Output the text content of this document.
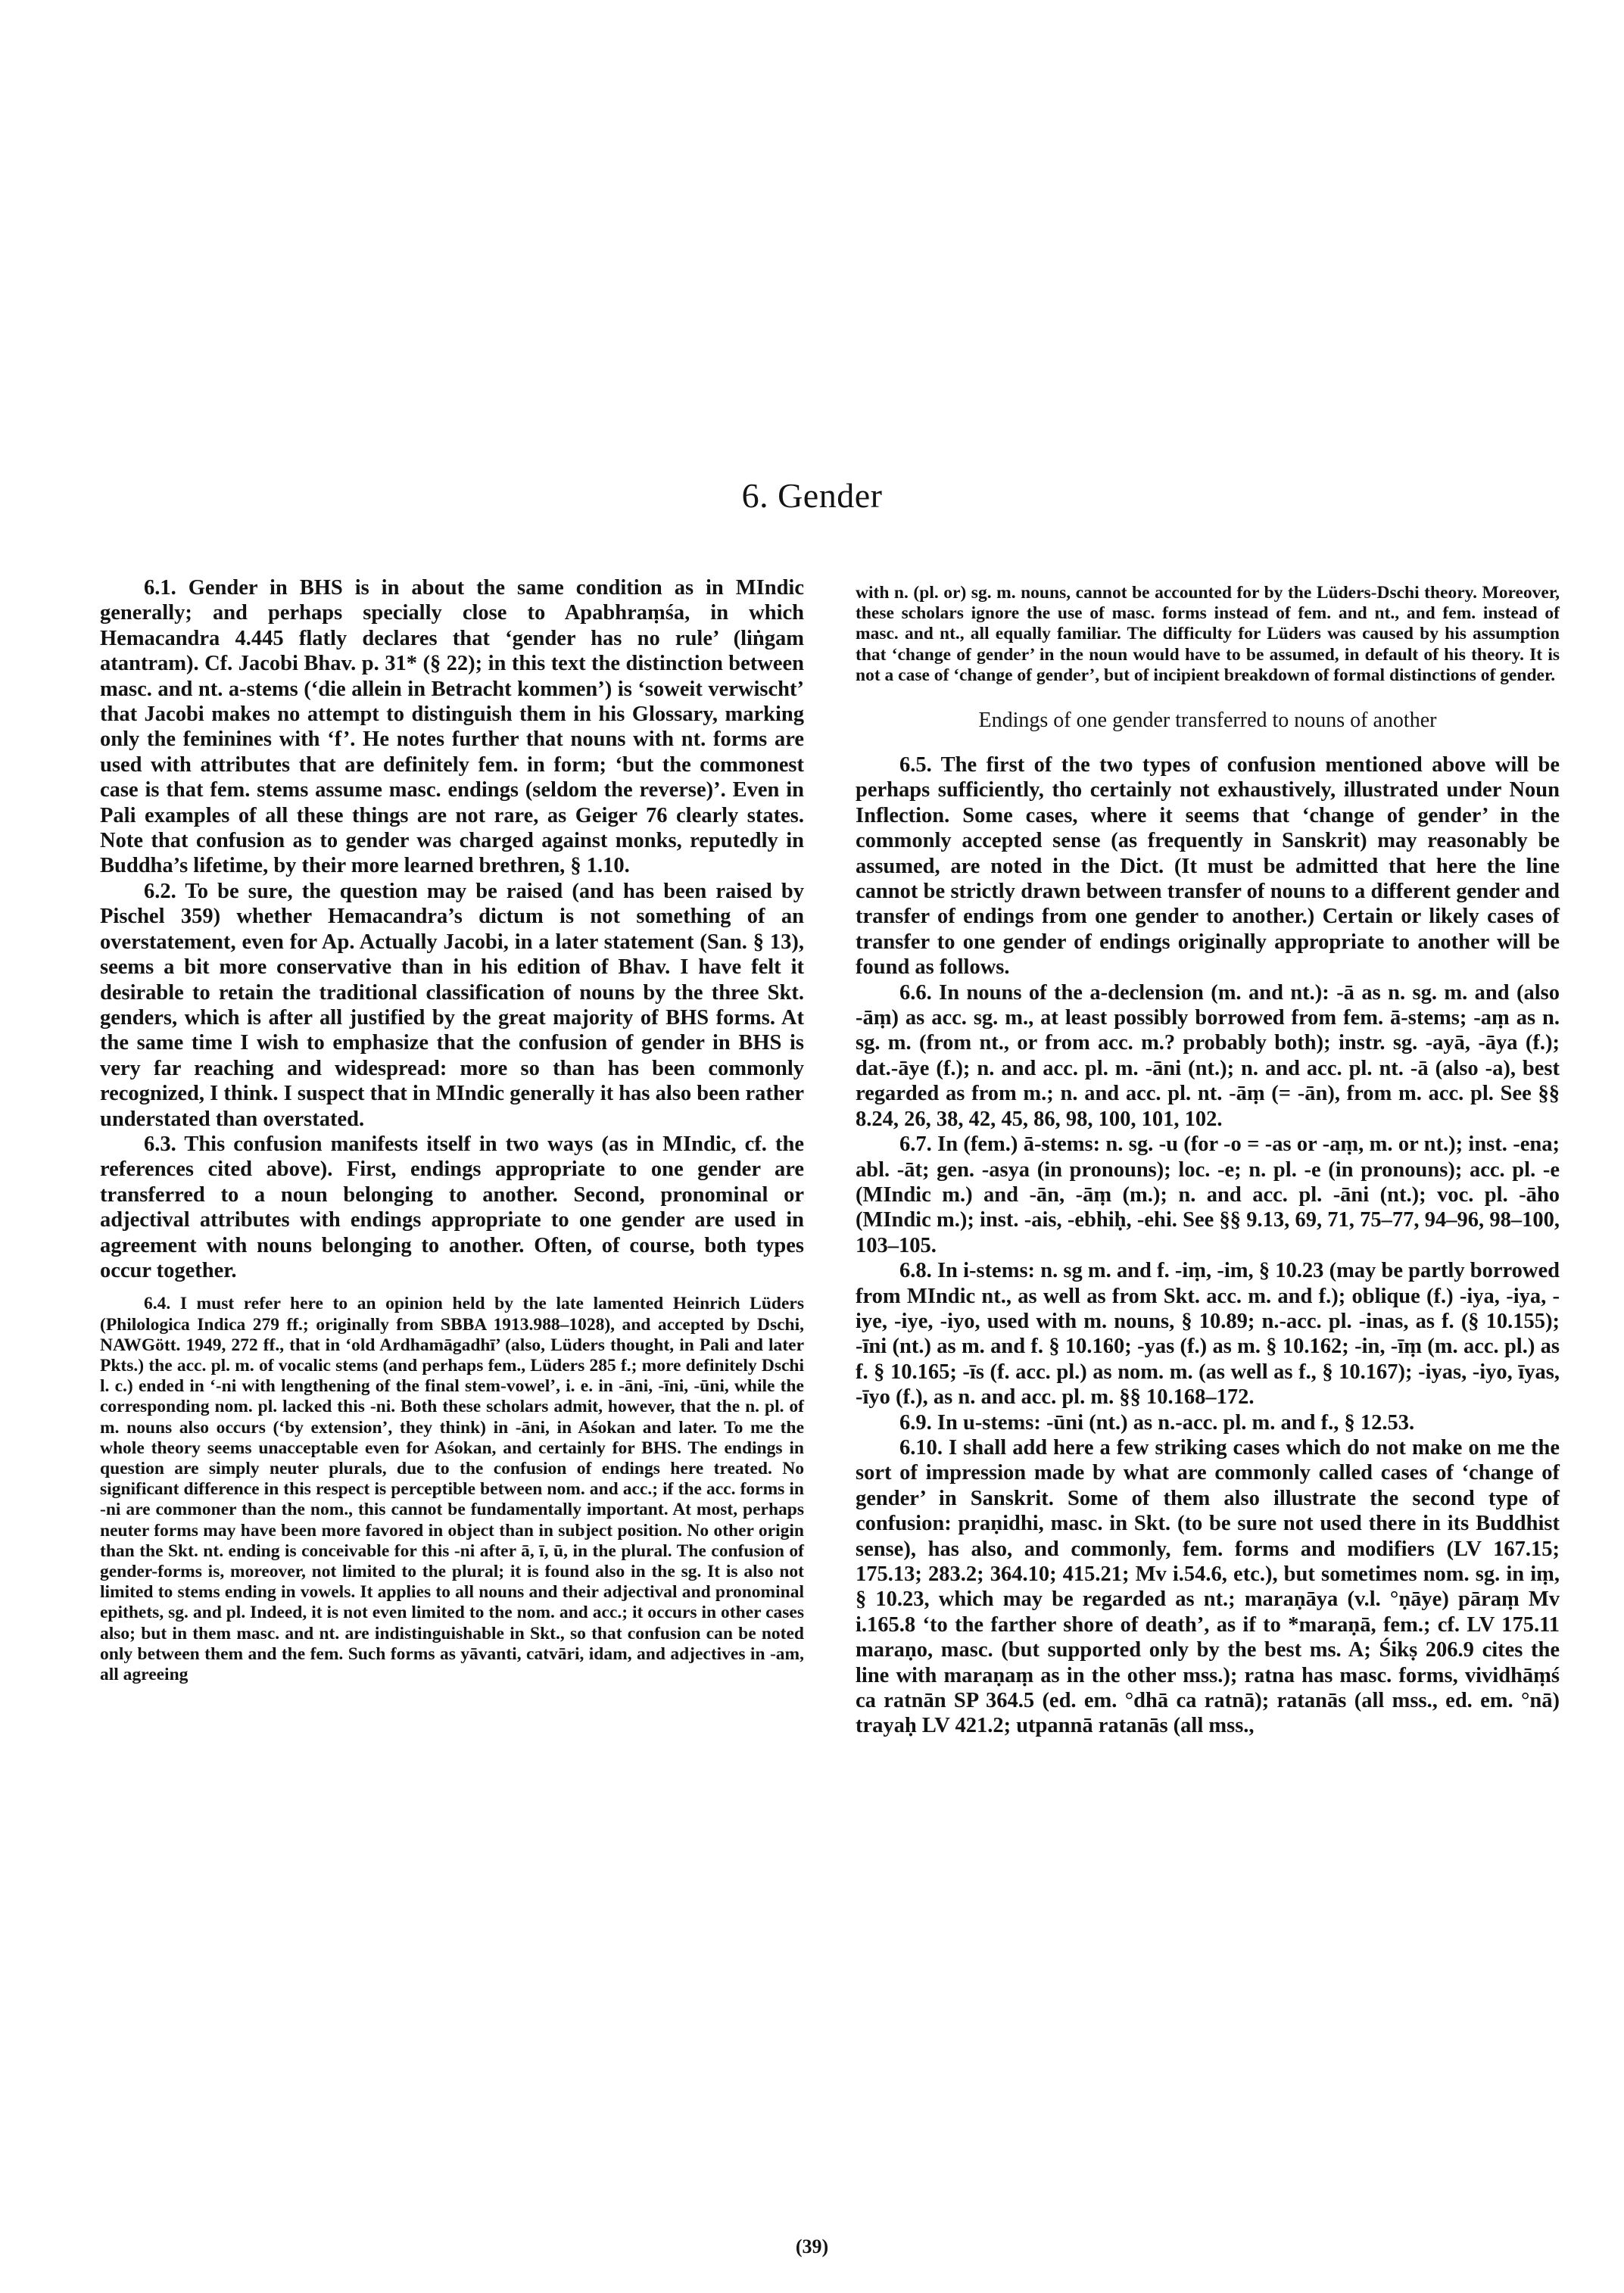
6. Gender

6.1. Gender in BHS is in about the same condition as in MIndic generally; and perhaps specially close to Apabhraṃśa, in which Hemacandra 4.445 flatly declares that ‘gender has no rule’ (liṅgam atantram). Cf. Jacobi Bhav. p. 31* (§ 22); in this text the distinction between masc. and nt. a-stems (‘die allein in Betracht kommen’) is ‘soweit verwischt’ that Jacobi makes no attempt to distinguish them in his Glossary, marking only the feminines with ‘f’. He notes further that nouns with nt. forms are used with attributes that are definitely fem. in form; ‘but the commonest case is that fem. stems assume masc. endings (seldom the reverse)’. Even in Pali examples of all these things are not rare, as Geiger 76 clearly states. Note that confusion as to gender was charged against monks, reputedly in Buddha’s lifetime, by their more learned brethren, § 1.10.

6.2. To be sure, the question may be raised (and has been raised by Pischel 359) whether Hemacandra’s dictum is not something of an overstatement, even for Ap. Actually Jacobi, in a later statement (San. § 13), seems a bit more conservative than in his edition of Bhav. I have felt it desirable to retain the traditional classification of nouns by the three Skt. genders, which is after all justified by the great majority of BHS forms. At the same time I wish to emphasize that the confusion of gender in BHS is very far reaching and widespread: more so than has been commonly recognized, I think. I suspect that in MIndic generally it has also been rather understated than overstated.

6.3. This confusion manifests itself in two ways (as in MIndic, cf. the references cited above). First, endings appropriate to one gender are transferred to a noun belonging to another. Second, pronominal or adjectival attributes with endings appropriate to one gender are used in agreement with nouns belonging to another. Often, of course, both types occur together.

6.4. I must refer here to an opinion held by the late lamented Heinrich Lüders (Philologica Indica 279 ff.; originally from SBBA 1913.988–1028), and accepted by Dschi, NAWGött. 1949, 272 ff., that in ‘old Ardhamāgadhī’ (also, Lüders thought, in Pali and later Pkts.) the acc. pl. m. of vocalic stems (and perhaps fem., Lüders 285 f.; more definitely Dschi l. c.) ended in ‘-ni with lengthening of the final stem-vowel’, i. e. in -āni, -īni, -ūni, while the corresponding nom. pl. lacked this -ni. Both these scholars admit, however, that the n. pl. of m. nouns also occurs (‘by extension’, they think) in -āni, in Aśokan and later. To me the whole theory seems unacceptable even for Aśokan, and certainly for BHS. The endings in question are simply neuter plurals, due to the confusion of endings here treated. No significant difference in this respect is perceptible between nom. and acc.; if the acc. forms in -ni are commoner than the nom., this cannot be fundamentally important. At most, perhaps neuter forms may have been more favored in object than in subject position. No other origin than the Skt. nt. ending is conceivable for this -ni after ā, ī, ū, in the plural. The confusion of gender-forms is, moreover, not limited to the plural; it is found also in the sg. It is also not limited to stems ending in vowels. It applies to all nouns and their adjectival and pronominal epithets, sg. and pl. Indeed, it is not even limited to the nom. and acc.; it occurs in other cases also; but in them masc. and nt. are indistinguishable in Skt., so that confusion can be noted only between them and the fem. Such forms as yāvanti, catvāri, idam, and adjectives in -am, all agreeing

with n. (pl. or) sg. m. nouns, cannot be accounted for by the Lüders-Dschi theory. Moreover, these scholars ignore the use of masc. forms instead of fem. and nt., and fem. instead of masc. and nt., all equally familiar. The difficulty for Lüders was caused by his assumption that ‘change of gender’ in the noun would have to be assumed, in default of his theory. It is not a case of ‘change of gender’, but of incipient breakdown of formal distinctions of gender.

Endings of one gender transferred to nouns of another

6.5. The first of the two types of confusion mentioned above will be perhaps sufficiently, tho certainly not exhaustively, illustrated under Noun Inflection. Some cases, where it seems that ‘change of gender’ in the commonly accepted sense (as frequently in Sanskrit) may reasonably be assumed, are noted in the Dict. (It must be admitted that here the line cannot be strictly drawn between transfer of nouns to a different gender and transfer of endings from one gender to another.) Certain or likely cases of transfer to one gender of endings originally appropriate to another will be found as follows.

6.6. In nouns of the a-declension (m. and nt.): -ā as n. sg. m. and (also -āṃ) as acc. sg. m., at least possibly borrowed from fem. ā-stems; -aṃ as n. sg. m. (from nt., or from acc. m.? probably both); instr. sg. -ayā, -āya (f.); dat.-āye (f.); n. and acc. pl. m. -āni (nt.); n. and acc. pl. nt. -ā (also -a), best regarded as from m.; n. and acc. pl. nt. -āṃ (= -ān), from m. acc. pl. See §§ 8.24, 26, 38, 42, 45, 86, 98, 100, 101, 102.

6.7. In (fem.) ā-stems: n. sg. -u (for -o = -as or -aṃ, m. or nt.); inst. -ena; abl. -āt; gen. -asya (in pronouns); loc. -e; n. pl. -e (in pronouns); acc. pl. -e (MIndic m.) and -ān, -āṃ (m.); n. and acc. pl. -āni (nt.); voc. pl. -āho (MIndic m.); inst. -ais, -ebhiḥ, -ehi. See §§ 9.13, 69, 71, 75–77, 94–96, 98–100, 103–105.

6.8. In i-stems: n. sg m. and f. -iṃ, -im, § 10.23 (may be partly borrowed from MIndic nt., as well as from Skt. acc. m. and f.); oblique (f.) -iya, -iya, -iye, -iye, -iyo, used with m. nouns, § 10.89; n.-acc. pl. -inas, as f. (§ 10.155); -īni (nt.) as m. and f. § 10.160; -yas (f.) as m. § 10.162; -in, -īṃ (m. acc. pl.) as f. § 10.165; -īs (f. acc. pl.) as nom. m. (as well as f., § 10.167); -iyas, -iyo, īyas, -īyo (f.), as n. and acc. pl. m. §§ 10.168–172.

6.9. In u-stems: -ūni (nt.) as n.-acc. pl. m. and f., § 12.53.

6.10. I shall add here a few striking cases which do not make on me the sort of impression made by what are commonly called cases of ‘change of gender’ in Sanskrit. Some of them also illustrate the second type of confusion: praṇidhi, masc. in Skt. (to be sure not used there in its Buddhist sense), has also, and commonly, fem. forms and modifiers (LV 167.15; 175.13; 283.2; 364.10; 415.21; Mv i.54.6, etc.), but sometimes nom. sg. in iṃ, § 10.23, which may be regarded as nt.; maraṇāya (v.l. °ṇāye) pāraṃ Mv i.165.8 ‘to the farther shore of death’, as if to *maraṇā, fem.; cf. LV 175.11 maraṇo, masc. (but supported only by the best ms. A; Śikṣ 206.9 cites the line with maraṇaṃ as in the other mss.); ratna has masc. forms, vividhāṃś ca ratnān SP 364.5 (ed. em. °dhā ca ratnā); ratanās (all mss., ed. em. °nā) trayaḥ LV 421.2; utpannā ratanās (all mss.,

(39)
